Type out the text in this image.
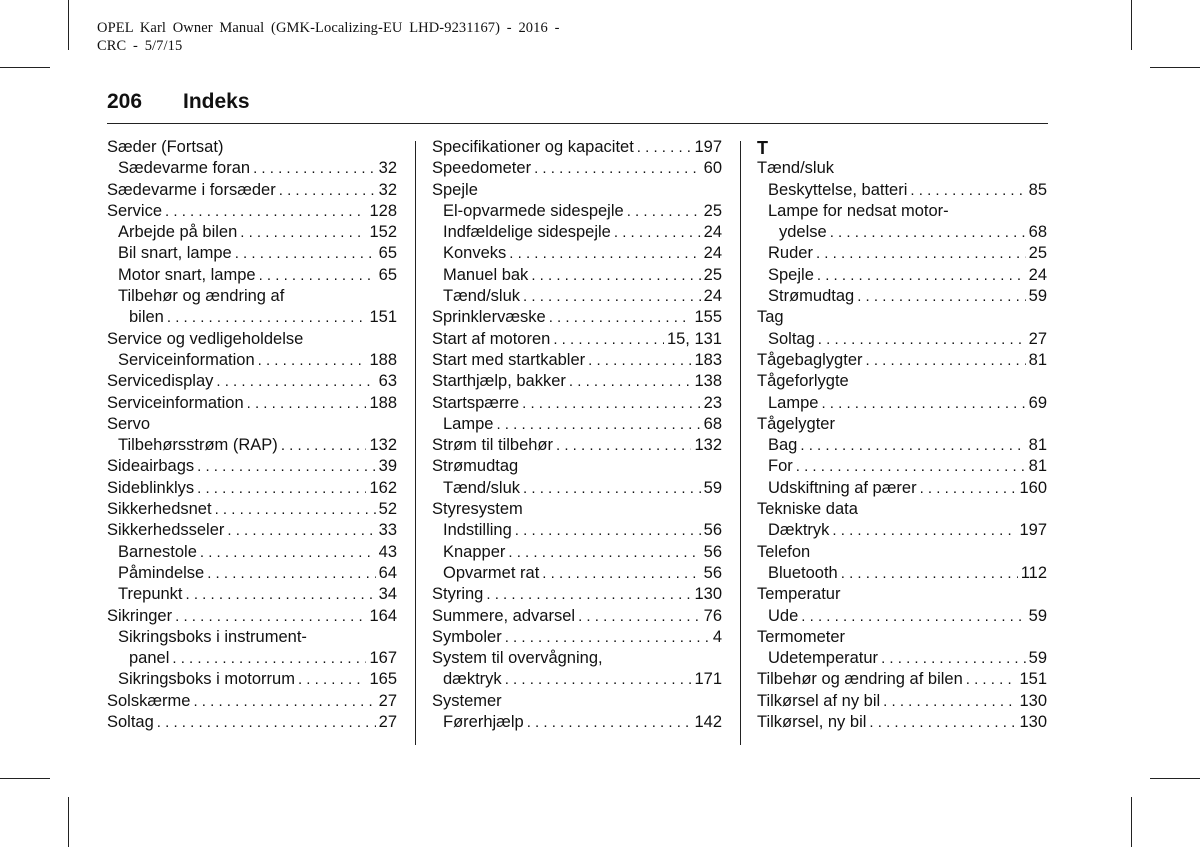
OPEL Karl Owner Manual (GMK-Localizing-EU LHD-9231167) - 2016 -
CRC - 5/7/15
206 Indeks
Sæder (Fortsat)
Sædevarme foran . . .	32
Sædevarme i forsæder . . .	32
Service . . .	128
Arbejde på bilen . . .	152
Bil snart, lampe . . .	65
Motor snart, lampe . . .	65
Tilbehør og ændring af
bilen . . .	151
Service og vedligeholdelse
Serviceinformation . . .	188
Servicedisplay . . .	63
Serviceinformation . . .	188
Servo
Tilbehørsstrøm (RAP) . . .	132
Sideairbags . . .	39
Sideblinklys . . .	162
Sikkerhedsnet . . .	52
Sikkerhedsseler . . .	33
Barnestole . . .	43
Påmindelse . . .	64
Trepunkt . . .	34
Sikringer . . .	164
Sikringsboks i instrument-
panel . . .	167
Sikringsboks i motorrum . . .	165
Solskærme . . .	27
Soltag . . .	27
Specifikationer og kapacitet . . .	197
Speedometer . . .	60
Spejle
El-opvarmede sidespejle . . .	25
Indfældelige sidespejle . . .	24
Konveks . . .	24
Manuel bak . . .	25
Tænd/sluk . . .	24
Sprinklervæske . . .	155
Start af motoren . . .	15, 131
Start med startkabler . . .	183
Starthjælp, bakker . . .	138
Startspærre . . .	23
Lampe . . .	68
Strøm til tilbehør . . .	132
Strømudtag
Tænd/sluk . . .	59
Styresystem
Indstilling . . .	56
Knapper . . .	56
Opvarmet rat . . .	56
Styring . . .	130
Summere, advarsel . . .	76
Symboler . . .	4
System til overvågning,
dæktryk . . .	171
Systemer
Førerhjælp . . .	142
T
Tænd/sluk
Beskyttelse, batteri . . .	85
Lampe for nedsat motor-
ydelse . . .	68
Ruder . . .	25
Spejle . . .	24
Strømudtag . . .	59
Tag
Soltag . . .	27
Tågebaglygter . . .	81
Tågeforlygte
Lampe . . .	69
Tågelygter
Bag . . .	81
For . . .	81
Udskiftning af pærer . . .	160
Tekniske data
Dæktryk . . .	197
Telefon
Bluetooth . . .	112
Temperatur
Ude . . .	59
Termometer
Udetemperatur . . .	59
Tilbehør og ændring af bilen . . .	151
Tilkørsel af ny bil . . .	130
Tilkørsel, ny bil . . .	130
